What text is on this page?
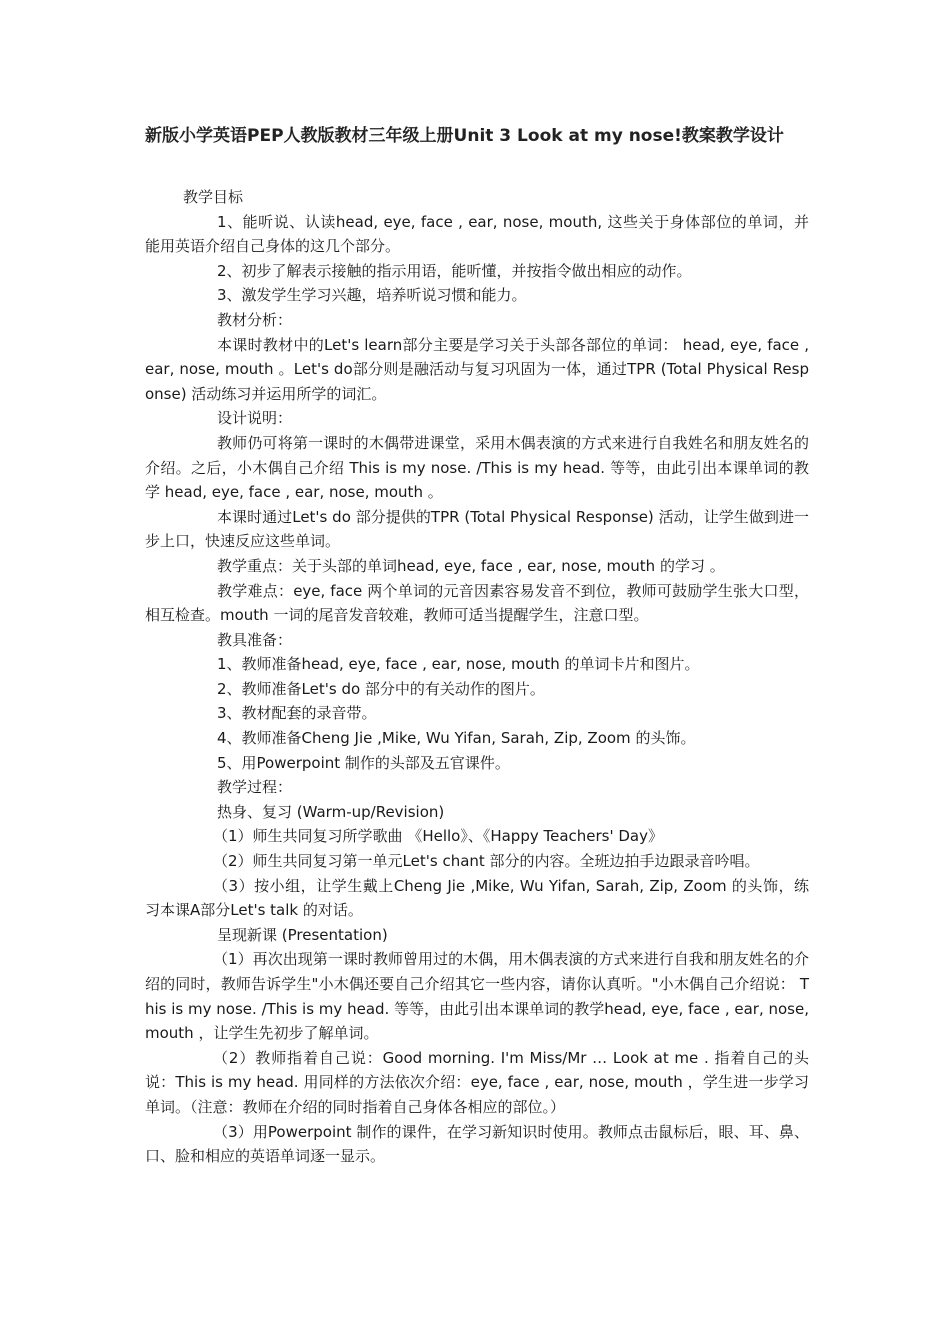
新版小学英语PEP人教版教材三年级上册Unit 3 Look at my nose!教案教学设计

教学目标

1、能听说、认读head, eye, face , ear, nose, mouth, 这些关于身体部位的单词，并能用英语介绍自己身体的这几个部分。

2、初步了解表示接触的指示用语，能听懂，并按指令做出相应的动作。

3、激发学生学习兴趣，培养听说习惯和能力。

教材分析：

本课时教材中的Let's learn部分主要是学习关于头部各部位的单词： head, eye, face , ear, nose, mouth 。Let's do部分则是融活动与复习巩固为一体，通过TPR (Total Physical Response) 活动练习并运用所学的词汇。

设计说明：

教师仍可将第一课时的木偶带进课堂，采用木偶表演的方式来进行自我姓名和朋友姓名的介绍。之后，小木偶自己介绍 This is my nose. /This is my head. 等等，由此引出本课单词的教学 head, eye, face , ear, nose, mouth 。

本课时通过Let's do 部分提供的TPR (Total Physical Response) 活动，让学生做到进一步上口，快速反应这些单词。

教学重点：关于头部的单词head, eye, face , ear, nose, mouth 的学习 。

教学难点：eye, face 两个单词的元音因素容易发音不到位，教师可鼓励学生张大口型，相互检查。mouth 一词的尾音发音较难，教师可适当提醒学生，注意口型。

教具准备：

1、教师准备head, eye, face , ear, nose, mouth 的单词卡片和图片。

2、教师准备Let's do 部分中的有关动作的图片。

3、教材配套的录音带。

4、教师准备Cheng Jie ,Mike, Wu Yifan, Sarah, Zip, Zoom 的头饰。

5、用Powerpoint 制作的头部及五官课件。

教学过程：

热身、复习 (Warm-up/Revision)

（1）师生共同复习所学歌曲 《Hello》、《Happy Teachers' Day》

（2）师生共同复习第一单元Let's chant 部分的内容。全班边拍手边跟录音吟唱。

（3）按小组，让学生戴上Cheng Jie ,Mike, Wu Yifan, Sarah, Zip, Zoom 的头饰，练习本课A部分Let's talk 的对话。

呈现新课 (Presentation)

（1）再次出现第一课时教师曾用过的木偶，用木偶表演的方式来进行自我和朋友姓名的介绍的同时，教师告诉学生"小木偶还要自己介绍其它一些内容，请你认真听。"小木偶自己介绍说： This is my nose. /This is my head. 等等，由此引出本课单词的教学head, eye, face , ear, nose, mouth ，让学生先初步了解单词。

（2）教师指着自己说：Good morning. I'm Miss/Mr … Look at me . 指着自己的头说：This is my head. 用同样的方法依次介绍：eye, face , ear, nose, mouth ，学生进一步学习单词。（注意：教师在介绍的同时指着自己身体各相应的部位。）

（3）用Powerpoint 制作的课件，在学习新知识时使用。教师点击鼠标后，眼、耳、鼻、口、脸和相应的英语单词逐一显示。
